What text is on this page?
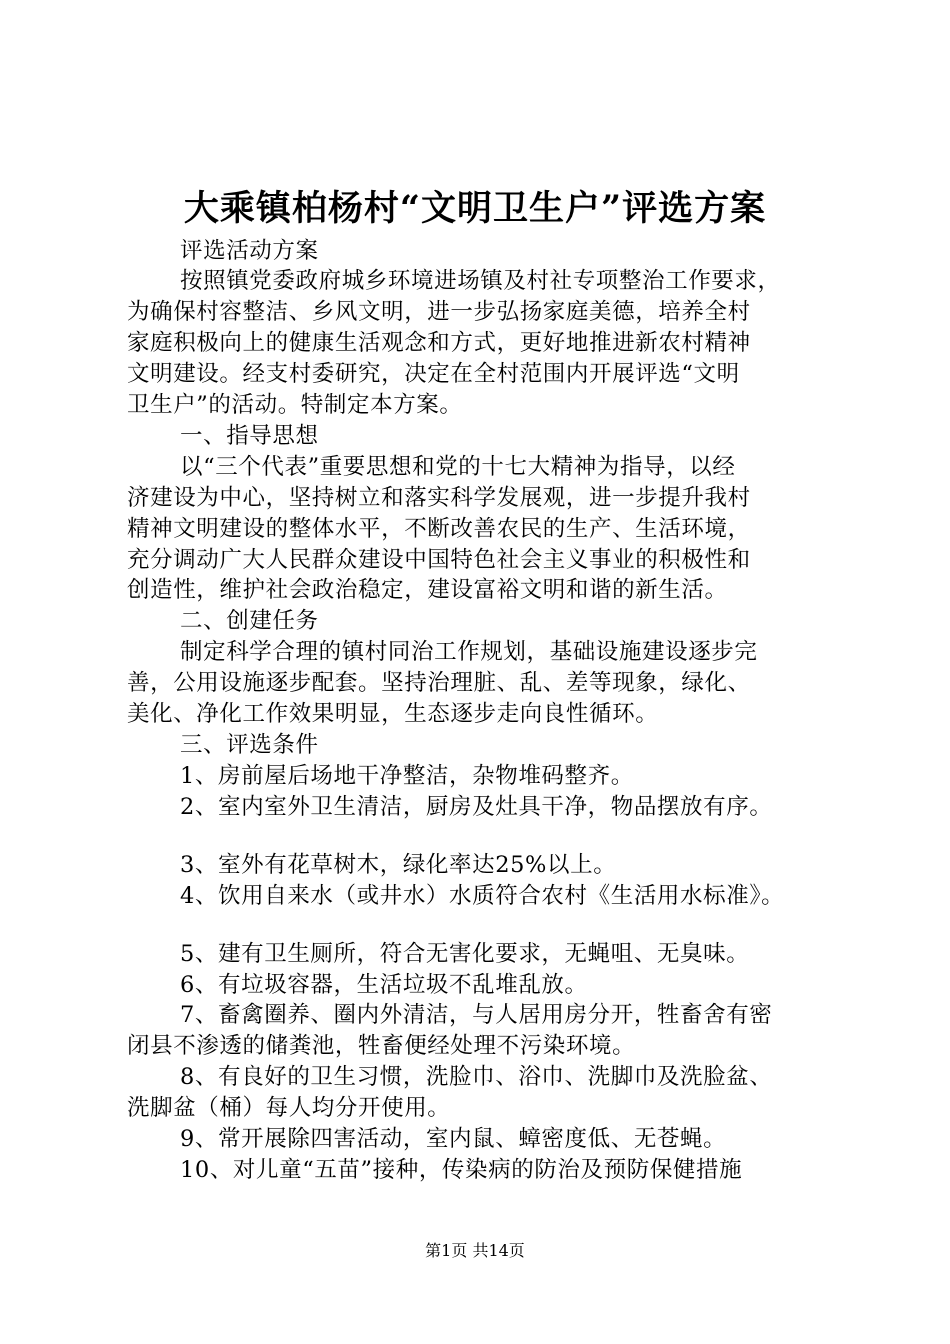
大乘镇柏杨村“文明卫生户”评选方案
评选活动方案
按照镇党委政府城乡环境进场镇及村社专项整治工作要求，
为确保村容整洁、乡风文明，进一步弘扬家庭美德，培养全村
家庭积极向上的健康生活观念和方式，更好地推进新农村精神
文明建设。经支村委研究，决定在全村范围内开展评选“文明
卫生户”的活动。特制定本方案。
一、指导思想
以“三个代表”重要思想和党的十七大精神为指导，以经
济建设为中心，坚持树立和落实科学发展观，进一步提升我村
精神文明建设的整体水平，不断改善农民的生产、生活环境，
充分调动广大人民群众建设中国特色社会主义事业的积极性和
创造性，维护社会政治稳定，建设富裕文明和谐的新生活。
二、创建任务
制定科学合理的镇村同治工作规划，基础设施建设逐步完
善，公用设施逐步配套。坚持治理脏、乱、差等现象，绿化、
美化、净化工作效果明显，生态逐步走向良性循环。
三、评选条件
1、房前屋后场地干净整洁，杂物堆码整齐。
2、室内室外卫生清洁，厨房及灶具干净，物品摆放有序。
3、室外有花草树木，绿化率达25%以上。
4、饮用自来水（或井水）水质符合农村《生活用水标准》。
5、建有卫生厕所，符合无害化要求，无蝇咀、无臭味。
6、有垃圾容器，生活垃圾不乱堆乱放。
7、畜禽圈养、圈内外清洁，与人居用房分开，牲畜舍有密
闭县不渗透的储粪池，牲畜便经处理不污染环境。
8、有良好的卫生习惯，洗脸巾、浴巾、洗脚巾及洗脸盆、
洗脚盆（桶）每人均分开使用。
9、常开展除四害活动，室内鼠、蟑密度低、无苍蝇。
10、对儿童“五苗”接种，传染病的防治及预防保健措施
第1页 共14页
